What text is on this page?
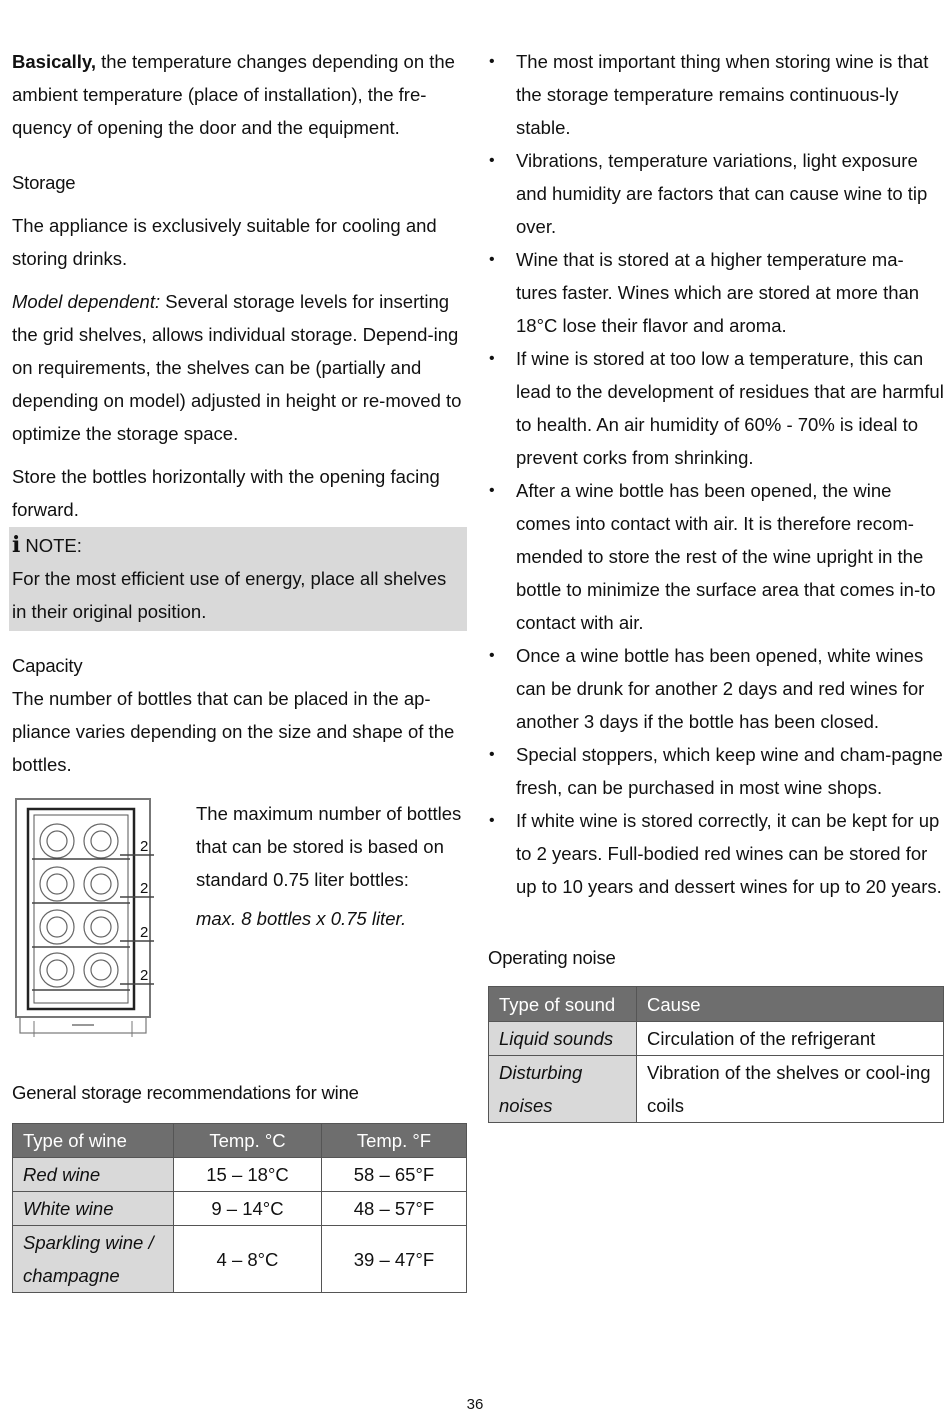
Basically, the temperature changes depending on the ambient temperature (place of installation), the fre-quency of opening the door and the equipment.

Storage

The appliance is exclusively suitable for cooling and storing drinks.

Model dependent: Several storage levels for inserting the grid shelves, allows individual storage. Depend-ing on requirements, the shelves can be (partially and depending on model) adjusted in height or re-moved to optimize the storage space.

Store the bottles horizontally with the opening facing forward.

i NOTE:

For the most efficient use of energy, place all shelves in their original position.

Capacity

The number of bottles that can be placed in the ap-pliance varies depending on the size and shape of the bottles.

2
2
2
2

The maximum number of bottles that can be stored is based on standard 0.75 liter bottles:

max. 8 bottles x 0.75 liter.

General storage recommendations for wine

Type of wine	Temp. °C	Temp. °F
Red wine	15 – 18°C	58 – 65°F
White wine	9 – 14°C	48 – 57°F
Sparkling wine / champagne	4 – 8°C	39 – 47°F
• The most important thing when storing wine is that the storage temperature remains continuous-ly stable.
• Vibrations, temperature variations, light exposure and humidity are factors that can cause wine to tip over.
• Wine that is stored at a higher temperature ma-tures faster. Wines which are stored at more than 18°C lose their flavor and aroma.
• If wine is stored at too low a temperature, this can lead to the development of residues that are harmful to health. An air humidity of 60% - 70% is ideal to prevent corks from shrinking.
• After a wine bottle has been opened, the wine comes into contact with air. It is therefore recom-mended to store the rest of the wine upright in the bottle to minimize the surface area that comes in-to contact with air.
• Once a wine bottle has been opened, white wines can be drunk for another 2 days and red wines for another 3 days if the bottle has been closed.
• Special stoppers, which keep wine and cham-pagne fresh, can be purchased in most wine shops.
• If white wine is stored correctly, it can be kept for up to 2 years. Full-bodied red wines can be stored for up to 10 years and dessert wines for up to 20 years.

Operating noise

Type of sound	Cause
Liquid sounds	Circulation of the refrigerant
Disturbing noises	Vibration of the shelves or cool-ing coils
36
